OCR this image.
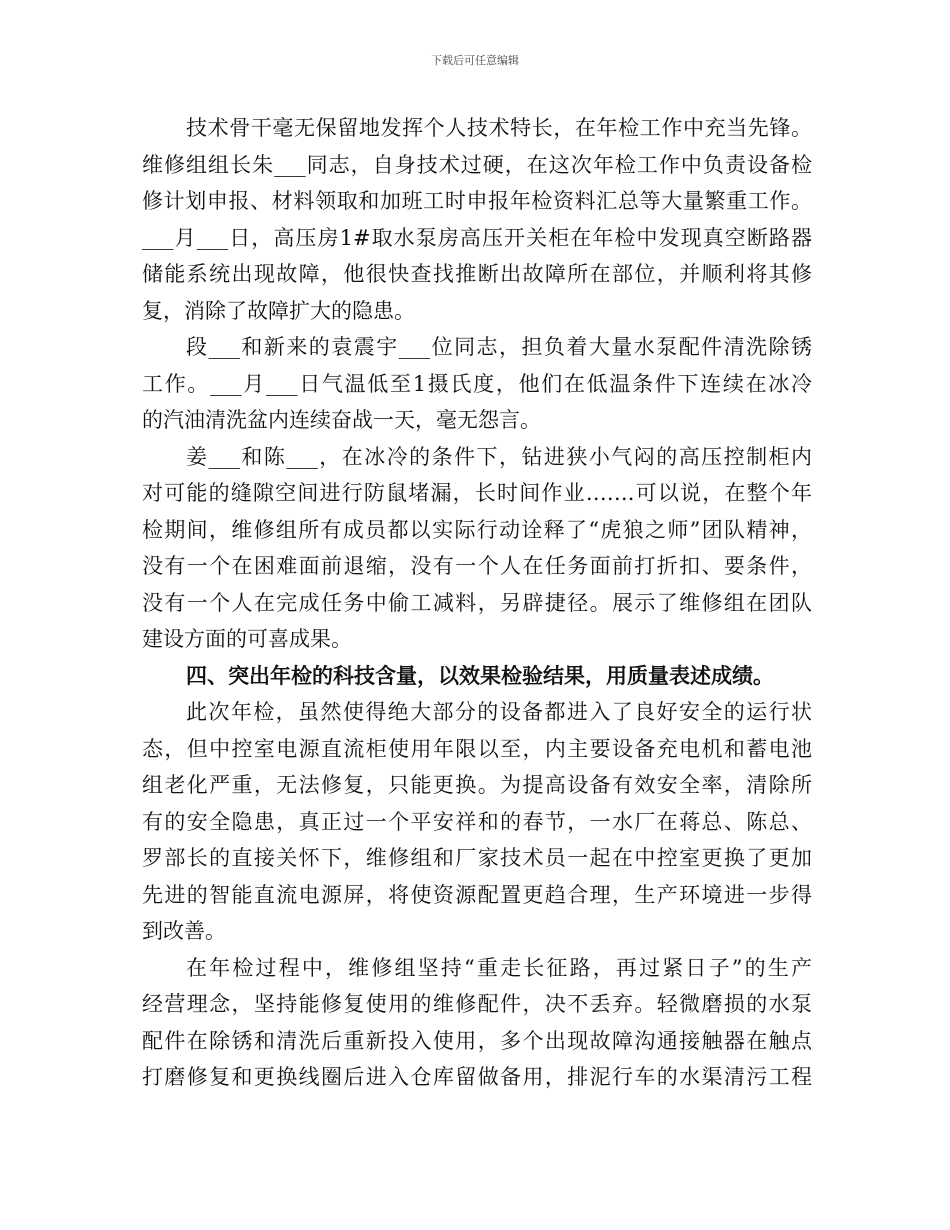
下载后可任意编辑
技术骨干毫无保留地发挥个人技术特长，在年检工作中充当先锋。
维修组组长朱___同志，自身技术过硬，在这次年检工作中负责设备检
修计划申报、材料领取和加班工时申报年检资料汇总等大量繁重工作。
___月___日，高压房1#取水泵房高压开关柜在年检中发现真空断路器
储能系统出现故障，他很快查找推断出故障所在部位，并顺利将其修
复，消除了故障扩大的隐患。
段___和新来的袁震宇___位同志，担负着大量水泵配件清洗除锈
工作。___月___日气温低至1摄氏度，他们在低温条件下连续在冰冷
的汽油清洗盆内连续奋战一天，毫无怨言。
姜___和陈___，在冰冷的条件下，钻进狭小气闷的高压控制柜内
对可能的缝隙空间进行防鼠堵漏，长时间作业…….可以说，在整个年
检期间，维修组所有成员都以实际行动诠释了“虎狼之师”团队精神，
没有一个在困难面前退缩，没有一个人在任务面前打折扣、要条件，
没有一个人在完成任务中偷工减料，另辟捷径。展示了维修组在团队
建设方面的可喜成果。
四、突出年检的科技含量，以效果检验结果，用质量表述成绩。
此次年检，虽然使得绝大部分的设备都进入了良好安全的运行状
态，但中控室电源直流柜使用年限以至，内主要设备充电机和蓄电池
组老化严重，无法修复，只能更换。为提高设备有效安全率，清除所
有的安全隐患，真正过一个平安祥和的春节，一水厂在蒋总、陈总、
罗部长的直接关怀下，维修组和厂家技术员一起在中控室更换了更加
先进的智能直流电源屏，将使资源配置更趋合理，生产环境进一步得
到改善。
在年检过程中，维修组坚持“重走长征路，再过紧日子”的生产
经营理念，坚持能修复使用的维修配件，决不丢弃。轻微磨损的水泵
配件在除锈和清洗后重新投入使用，多个出现故障沟通接触器在触点
打磨修复和更换线圈后进入仓库留做备用，排泥行车的水渠清污工程
